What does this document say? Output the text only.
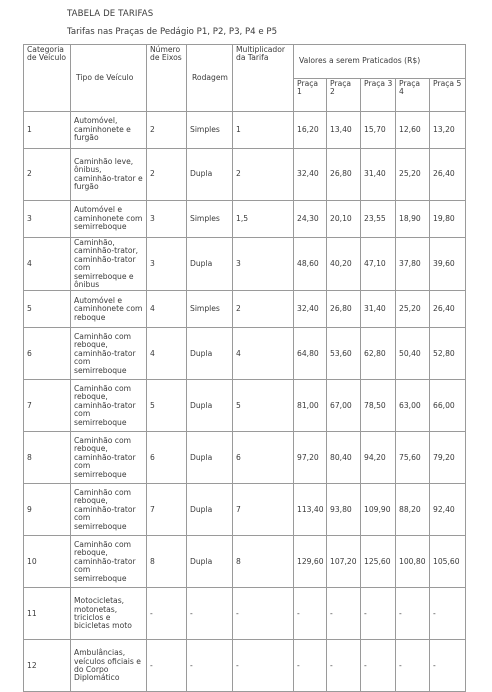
TABELA DE TARIFAS
Tarifas nas Praças de Pedágio P1, P2, P3, P4 e P5
Categoria de Veículo	Tipo de Veículo	Número de Eixos	Rodagem	Multiplicador da Tarifa	Valores a serem Praticados (R$)				
					Praça 1	Praça 2	Praça 3	Praça 4	Praça 5
1	Automóvel, caminhonete e furgão	2	Simples	1	16,20	13,40	15,70	12,60	13,20
2	Caminhão leve, ônibus, caminhão-trator e furgão	2	Dupla	2	32,40	26,80	31,40	25,20	26,40
3	Automóvel e caminhonete com semirreboque	3	Simples	1,5	24,30	20,10	23,55	18,90	19,80
4	Caminhão, caminhão-trator, caminhão-trator com semirreboque e ônibus	3	Dupla	3	48,60	40,20	47,10	37,80	39,60
5	Automóvel e caminhonete com reboque	4	Simples	2	32,40	26,80	31,40	25,20	26,40
6	Caminhão com reboque, caminhão-trator com semirreboque	4	Dupla	4	64,80	53,60	62,80	50,40	52,80
7	Caminhão com reboque, caminhão-trator com semirreboque	5	Dupla	5	81,00	67,00	78,50	63,00	66,00
8	Caminhão com reboque, caminhão-trator com semirreboque	6	Dupla	6	97,20	80,40	94,20	75,60	79,20
9	Caminhão com reboque, caminhão-trator com semirreboque	7	Dupla	7	113,40	93,80	109,90	88,20	92,40
10	Caminhão com reboque, caminhão-trator com semirreboque	8	Dupla	8	129,60	107,20	125,60	100,80	105,60
11	Motocicletas, motonetas, triciclos e bicicletas moto	-	-	-	-	-	-	-	-
12	Ambulâncias, veículos oficiais e do Corpo Diplomático	-	-	-	-	-	-	-	-
